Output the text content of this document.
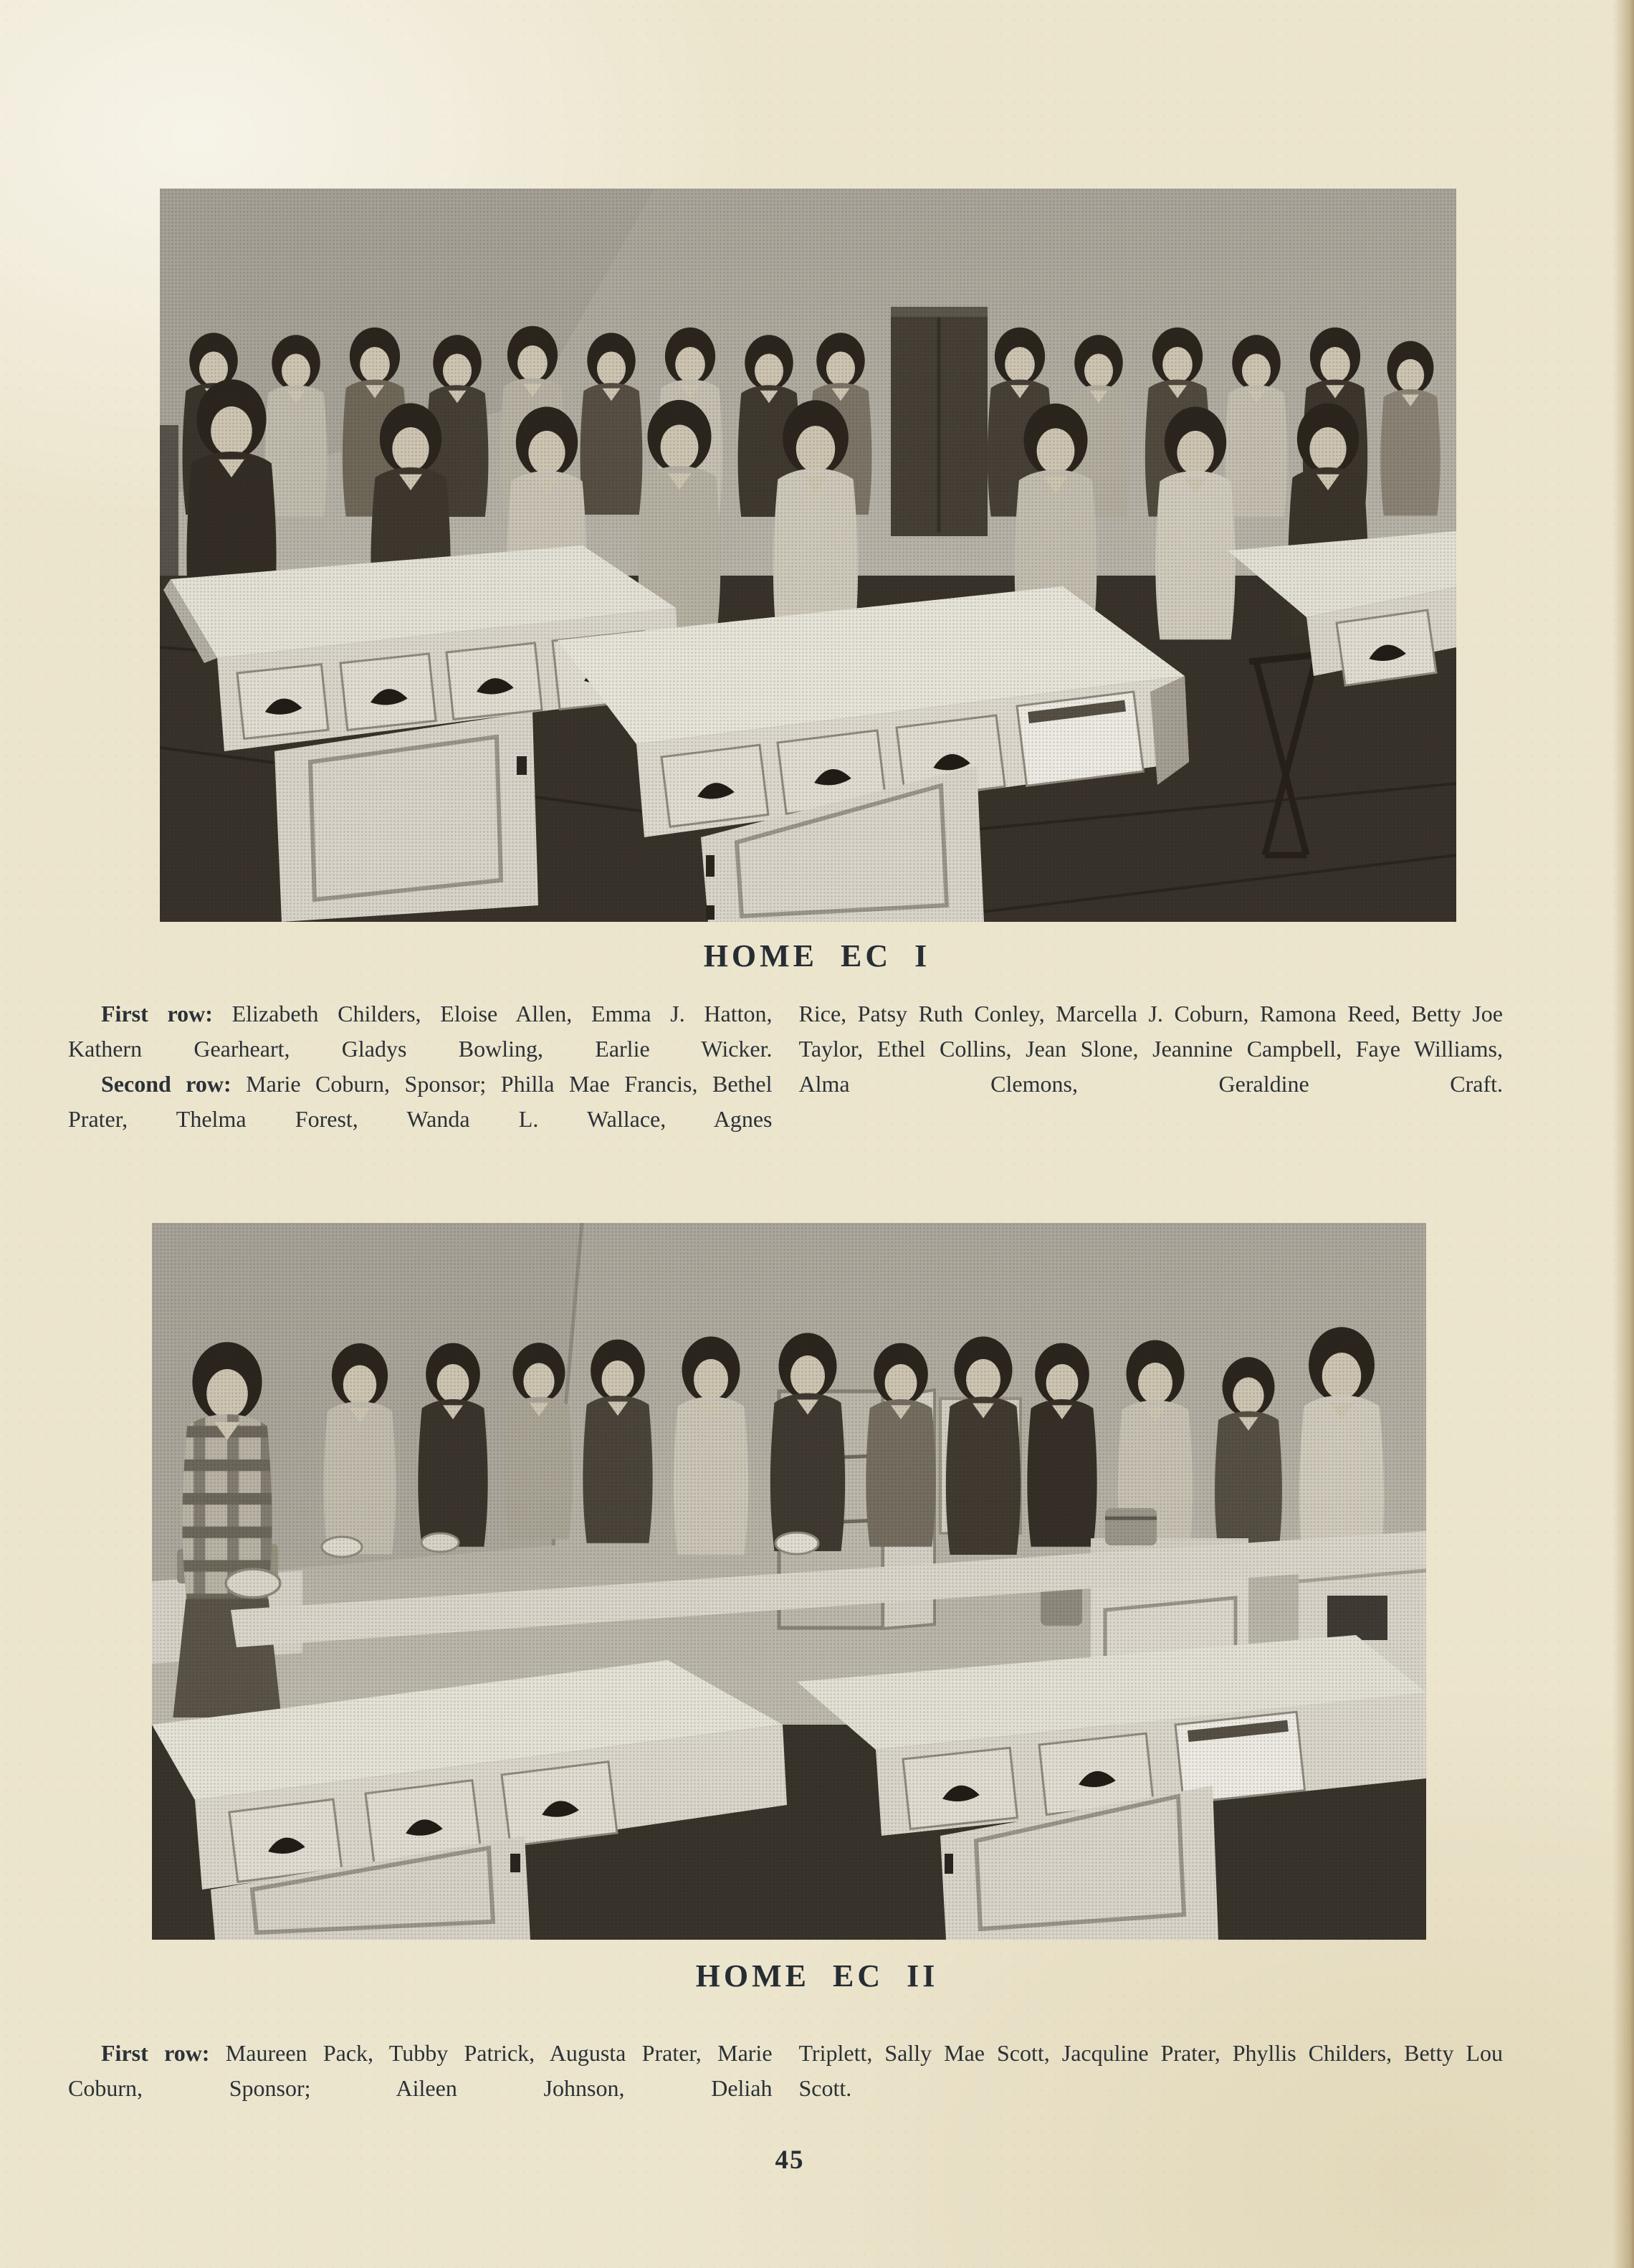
HOME EC I

First row: Elizabeth Childers, Eloise Allen, Emma J. Hatton, Kathern Gearheart, Gladys Bowling, Earlie Wicker.

Second row: Marie Coburn, Sponsor; Philla Mae Francis, Bethel Prater, Thelma Forest, Wanda L. Wallace, Agnes

Rice, Patsy Ruth Conley, Marcella J. Coburn, Ramona Reed, Betty Joe Taylor, Ethel Collins, Jean Slone, Jeannine Campbell, Faye Williams, Alma Clemons, Geraldine Craft.

HOME EC II

First row: Maureen Pack, Tubby Patrick, Augusta Prater, Marie Coburn, Sponsor; Aileen Johnson, Deliah

Triplett, Sally Mae Scott, Jacquline Prater, Phyllis Childers, Betty Lou Scott.

45
